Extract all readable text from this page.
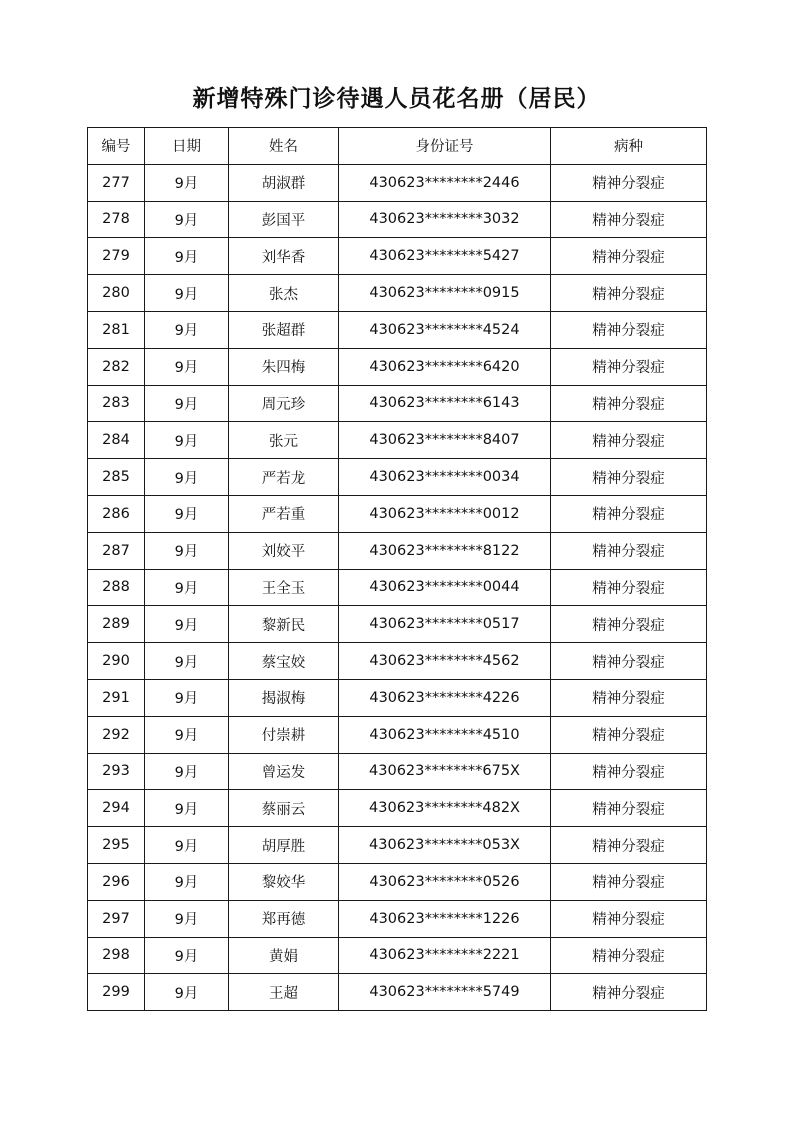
新增特殊门诊待遇人员花名册（居民）
编号	日期	姓名	身份证号	病种
277	9月	胡淑群	430623********2446	精神分裂症
278	9月	彭国平	430623********3032	精神分裂症
279	9月	刘华香	430623********5427	精神分裂症
280	9月	张杰	430623********0915	精神分裂症
281	9月	张超群	430623********4524	精神分裂症
282	9月	朱四梅	430623********6420	精神分裂症
283	9月	周元珍	430623********6143	精神分裂症
284	9月	张元	430623********8407	精神分裂症
285	9月	严若龙	430623********0034	精神分裂症
286	9月	严若重	430623********0012	精神分裂症
287	9月	刘姣平	430623********8122	精神分裂症
288	9月	王全玉	430623********0044	精神分裂症
289	9月	黎新民	430623********0517	精神分裂症
290	9月	蔡宝姣	430623********4562	精神分裂症
291	9月	揭淑梅	430623********4226	精神分裂症
292	9月	付崇耕	430623********4510	精神分裂症
293	9月	曾运发	430623********675X	精神分裂症
294	9月	蔡丽云	430623********482X	精神分裂症
295	9月	胡厚胜	430623********053X	精神分裂症
296	9月	黎姣华	430623********0526	精神分裂症
297	9月	郑再德	430623********1226	精神分裂症
298	9月	黄娟	430623********2221	精神分裂症
299	9月	王超	430623********5749	精神分裂症
